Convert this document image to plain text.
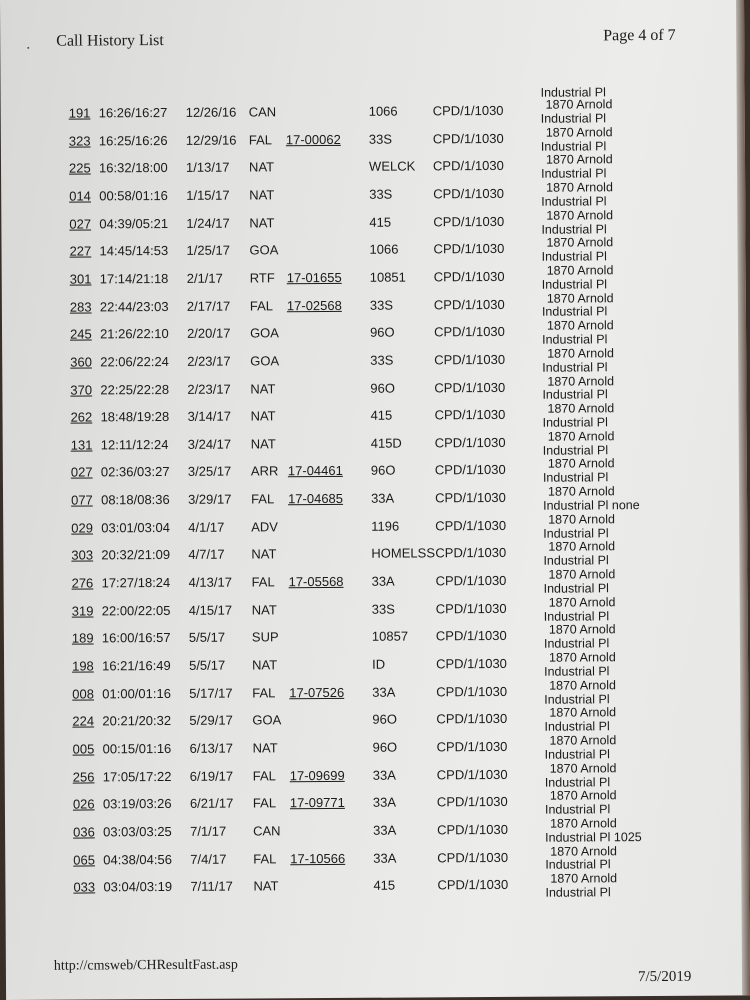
Call History List	Page 4 of 7
191 16:26/16:27 12/26/16 CAN	1066	CPD/1/1030	1870 Arnold
Industrial Pl
323 16:25/16:26 12/29/16 FAL 17-00062 33S	CPD/1/1030	1870 Arnold
Industrial Pl
225 16:32/18:00 1/13/17 NAT	WELCK CPD/1/1030	1870 Arnold
Industrial Pl
014 00:58/01:16 1/15/17 NAT	33S	CPD/1/1030	1870 Arnold
Industrial Pl
027 04:39/05:21 1/24/17 NAT	415	CPD/1/1030	1870 Arnold
Industrial Pl
227 14:45/14:53 1/25/17 GOA	1066	CPD/1/1030	1870 Arnold
Industrial Pl
301 17:14/21:18 2/1/17 RTF 17-01655 10851 CPD/1/1030	1870 Arnold
Industrial Pl
283 22:44/23:03 2/17/17 FAL 17-02568 33S	CPD/1/1030	1870 Arnold
Industrial Pl
245 21:26/22:10 2/20/17 GOA	96O	CPD/1/1030	1870 Arnold
Industrial Pl
360 22:06/22:24 2/23/17 GOA	33S	CPD/1/1030	1870 Arnold
Industrial Pl
370 22:25/22:28 2/23/17 NAT	96O	CPD/1/1030	1870 Arnold
Industrial Pl
262 18:48/19:28 3/14/17 NAT	415	CPD/1/1030	1870 Arnold
Industrial Pl
131 12:11/12:24 3/24/17 NAT	415D	CPD/1/1030	1870 Arnold
Industrial Pl
027 02:36/03:27 3/25/17 ARR 17-04461 96O	CPD/1/1030	1870 Arnold
Industrial Pl
077 08:18/08:36 3/29/17 FAL 17-04685 33A	CPD/1/1030	1870 Arnold
Industrial Pl none
029 03:01/03:04 4/1/17 ADV	1196	CPD/1/1030	1870 Arnold
Industrial Pl
303 20:32/21:09 4/7/17 NAT	HOMELSS CPD/1/1030	1870 Arnold
Industrial Pl
276 17:27/18:24 4/13/17 FAL 17-05568 33A	CPD/1/1030	1870 Arnold
Industrial Pl
319 22:00/22:05 4/15/17 NAT	33S	CPD/1/1030	1870 Arnold
Industrial Pl
189 16:00/16:57 5/5/17 SUP	10857 CPD/1/1030	1870 Arnold
Industrial Pl
198 16:21/16:49 5/5/17 NAT	ID	CPD/1/1030	1870 Arnold
Industrial Pl
008 01:00/01:16 5/17/17 FAL 17-07526 33A	CPD/1/1030	1870 Arnold
Industrial Pl
224 20:21/20:32 5/29/17 GOA	96O	CPD/1/1030	1870 Arnold
Industrial Pl
005 00:15/01:16 6/13/17 NAT	96O	CPD/1/1030	1870 Arnold
Industrial Pl
256 17:05/17:22 6/19/17 FAL 17-09699 33A	CPD/1/1030	1870 Arnold
Industrial Pl
026 03:19/03:26 6/21/17 FAL 17-09771 33A	CPD/1/1030	1870 Arnold
Industrial Pl
036 03:03/03:25 7/1/17 CAN	33A	CPD/1/1030	1870 Arnold
Industrial Pl 1025
065 04:38/04:56 7/4/17 FAL 17-10566 33A	CPD/1/1030	1870 Arnold
Industrial Pl
033 03:04/03:19 7/11/17 NAT	415	CPD/1/1030	1870 Arnold
Industrial Pl
Industrial Pl
http://cmsweb/CHResultFast.asp
7/5/2019
